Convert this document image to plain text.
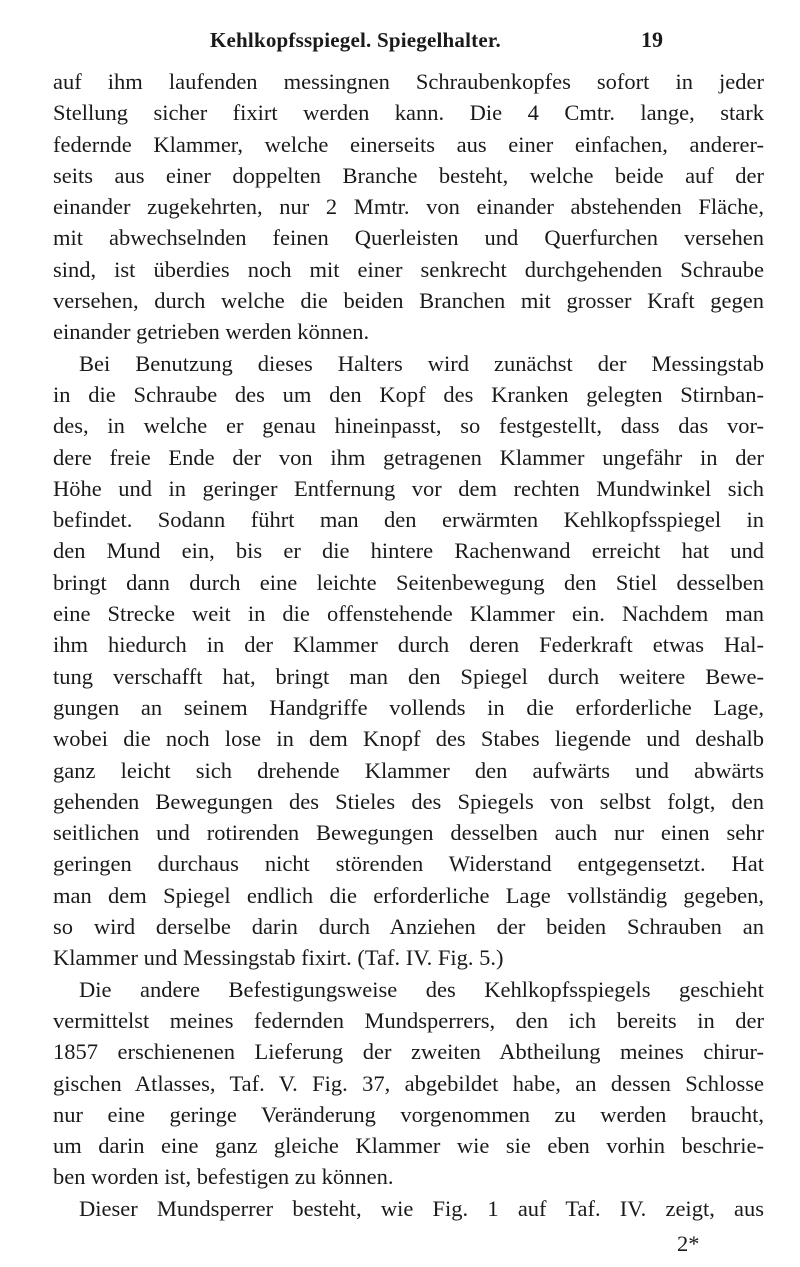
Kehlkopfsspiegel. Spiegelhalter.	19
auf ihm laufenden messingnen Schraubenkopfes sofort in jeder
Stellung sicher fixirt werden kann. Die 4 Cmtr. lange, stark
federnde Klammer, welche einerseits aus einer einfachen, anderer-
seits aus einer doppelten Branche besteht, welche beide auf der
einander zugekehrten, nur 2 Mmtr. von einander abstehenden Fläche,
mit abwechselnden feinen Querleisten und Querfurchen versehen
sind, ist überdies noch mit einer senkrecht durchgehenden Schraube
versehen, durch welche die beiden Branchen mit grosser Kraft gegen
einander getrieben werden können.
Bei Benutzung dieses Halters wird zunächst der Messingstab
in die Schraube des um den Kopf des Kranken gelegten Stirnban-
des, in welche er genau hineinpasst, so festgestellt, dass das vor-
dere freie Ende der von ihm getragenen Klammer ungefähr in der
Höhe und in geringer Entfernung vor dem rechten Mundwinkel sich
befindet. Sodann führt man den erwärmten Kehlkopfsspiegel in
den Mund ein, bis er die hintere Rachenwand erreicht hat und
bringt dann durch eine leichte Seitenbewegung den Stiel desselben
eine Strecke weit in die offenstehende Klammer ein. Nachdem man
ihm hiedurch in der Klammer durch deren Federkraft etwas Hal-
tung verschafft hat, bringt man den Spiegel durch weitere Bewe-
gungen an seinem Handgriffe vollends in die erforderliche Lage,
wobei die noch lose in dem Knopf des Stabes liegende und deshalb
ganz leicht sich drehende Klammer den aufwärts und abwärts
gehenden Bewegungen des Stieles des Spiegels von selbst folgt, den
seitlichen und rotirenden Bewegungen desselben auch nur einen sehr
geringen durchaus nicht störenden Widerstand entgegensetzt. Hat
man dem Spiegel endlich die erforderliche Lage vollständig gegeben,
so wird derselbe darin durch Anziehen der beiden Schrauben an
Klammer und Messingstab fixirt. (Taf. IV. Fig. 5.)
Die andere Befestigungsweise des Kehlkopfsspiegels geschieht
vermittelst meines federnden Mundsperrers, den ich bereits in der
1857 erschienenen Lieferung der zweiten Abtheilung meines chirur-
gischen Atlasses, Taf. V. Fig. 37, abgebildet habe, an dessen Schlosse
nur eine geringe Veränderung vorgenommen zu werden braucht,
um darin eine ganz gleiche Klammer wie sie eben vorhin beschrie-
ben worden ist, befestigen zu können.
Dieser Mundsperrer besteht, wie Fig. 1 auf Taf. IV. zeigt, aus
2*
